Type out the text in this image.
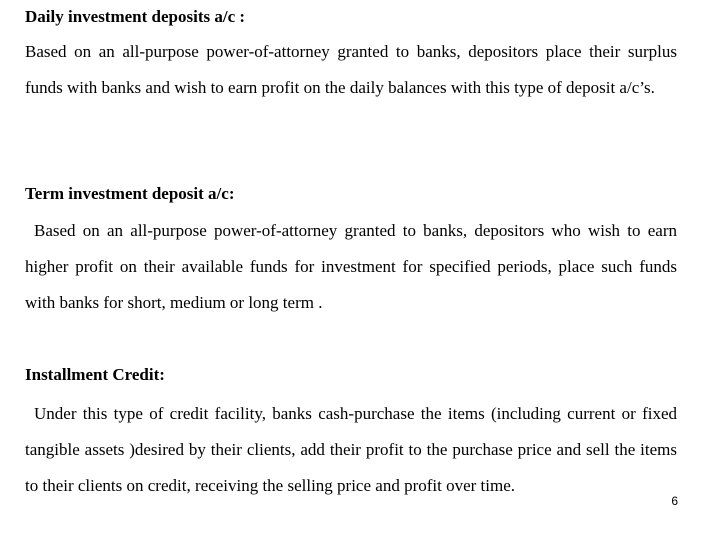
Daily investment deposits a/c :

Based on an all-purpose power-of-attorney granted to banks, depositors place their surplus funds with banks and wish to earn profit on the daily balances with this type of deposit a/c’s.

Term investment deposit a/c:

Based on an all-purpose power-of-attorney granted to banks, depositors who wish to earn higher profit on their available funds for investment for specified periods, place such funds with banks for short, medium or long term .

Installment Credit:

Under this type of credit facility, banks cash-purchase the items (including current or fixed tangible assets )desired by their clients, add their profit to the purchase price and sell the items to their clients on credit, receiving the selling price and profit over time.

6
